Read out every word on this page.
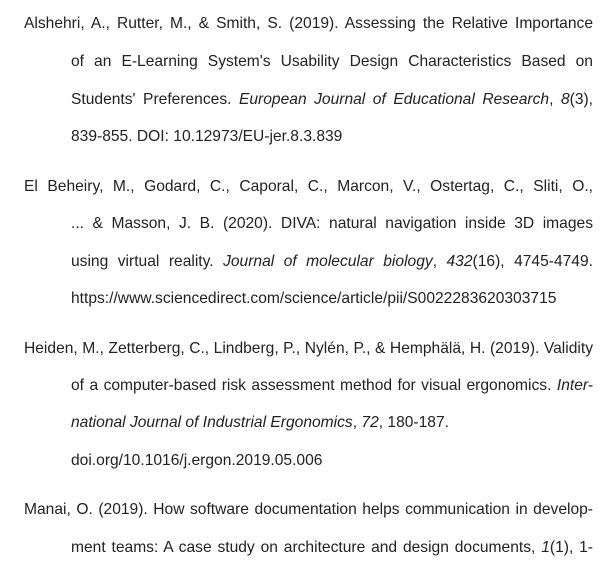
Alshehri, A., Rutter, M., & Smith, S. (2019). Assessing the Relative Importance
of an E-Learning System's Usability Design Characteristics Based on
Students' Preferences. European Journal of Educational Research, 8(3),
839-855. DOI: 10.12973/EU-jer.8.3.839
El Beheiry, M., Godard, C., Caporal, C., Marcon, V., Ostertag, C., Sliti, O.,
... & Masson, J. B. (2020). DIVA: natural navigation inside 3D images
using virtual reality. Journal of molecular biology, 432(16), 4745-4749.
https://www.sciencedirect.com/science/article/pii/S0022283620303715
Heiden, M., Zetterberg, C., Lindberg, P., Nylén, P., & Hemphälä, H. (2019). Validity
of a computer-based risk assessment method for visual ergonomics. Inter-
national Journal of Industrial Ergonomics, 72, 180-187.
doi.org/10.1016/j.ergon.2019.05.006
Manai, O. (2019). How software documentation helps communication in develop-
ment teams: A case study on architecture and design documents, 1(1), 1-
